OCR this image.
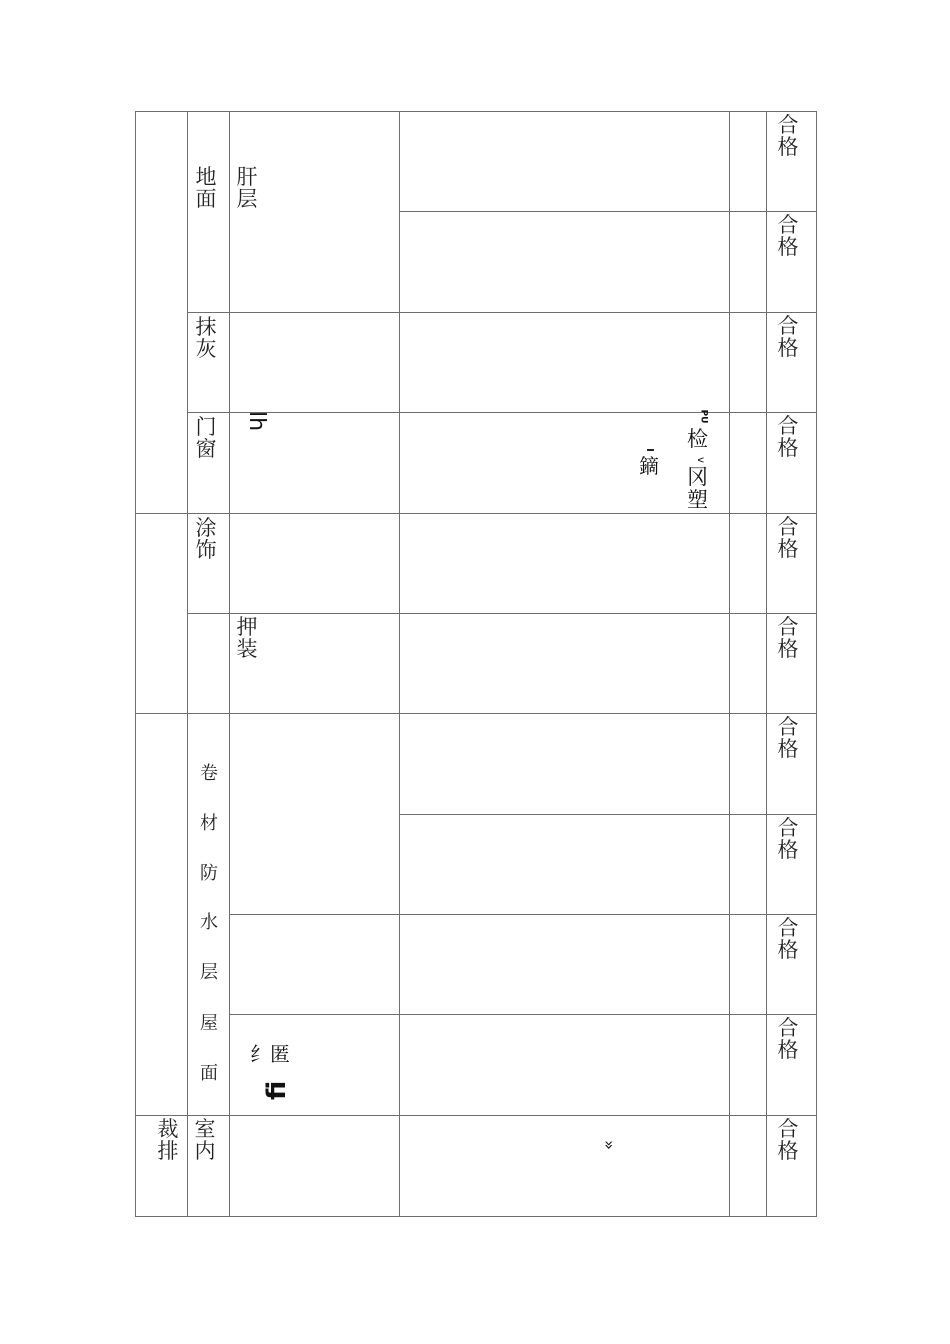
地面
抹灰
门窗
涂饰
室内
裁排
卷
材
防
水
层
屋
面
肝层
押装
lh
纟匿
fi
PU
检
v
冈
塑
鏑
»
合格
合格
合格
合格
合格
合格
合格
合格
合格
合格
合格
